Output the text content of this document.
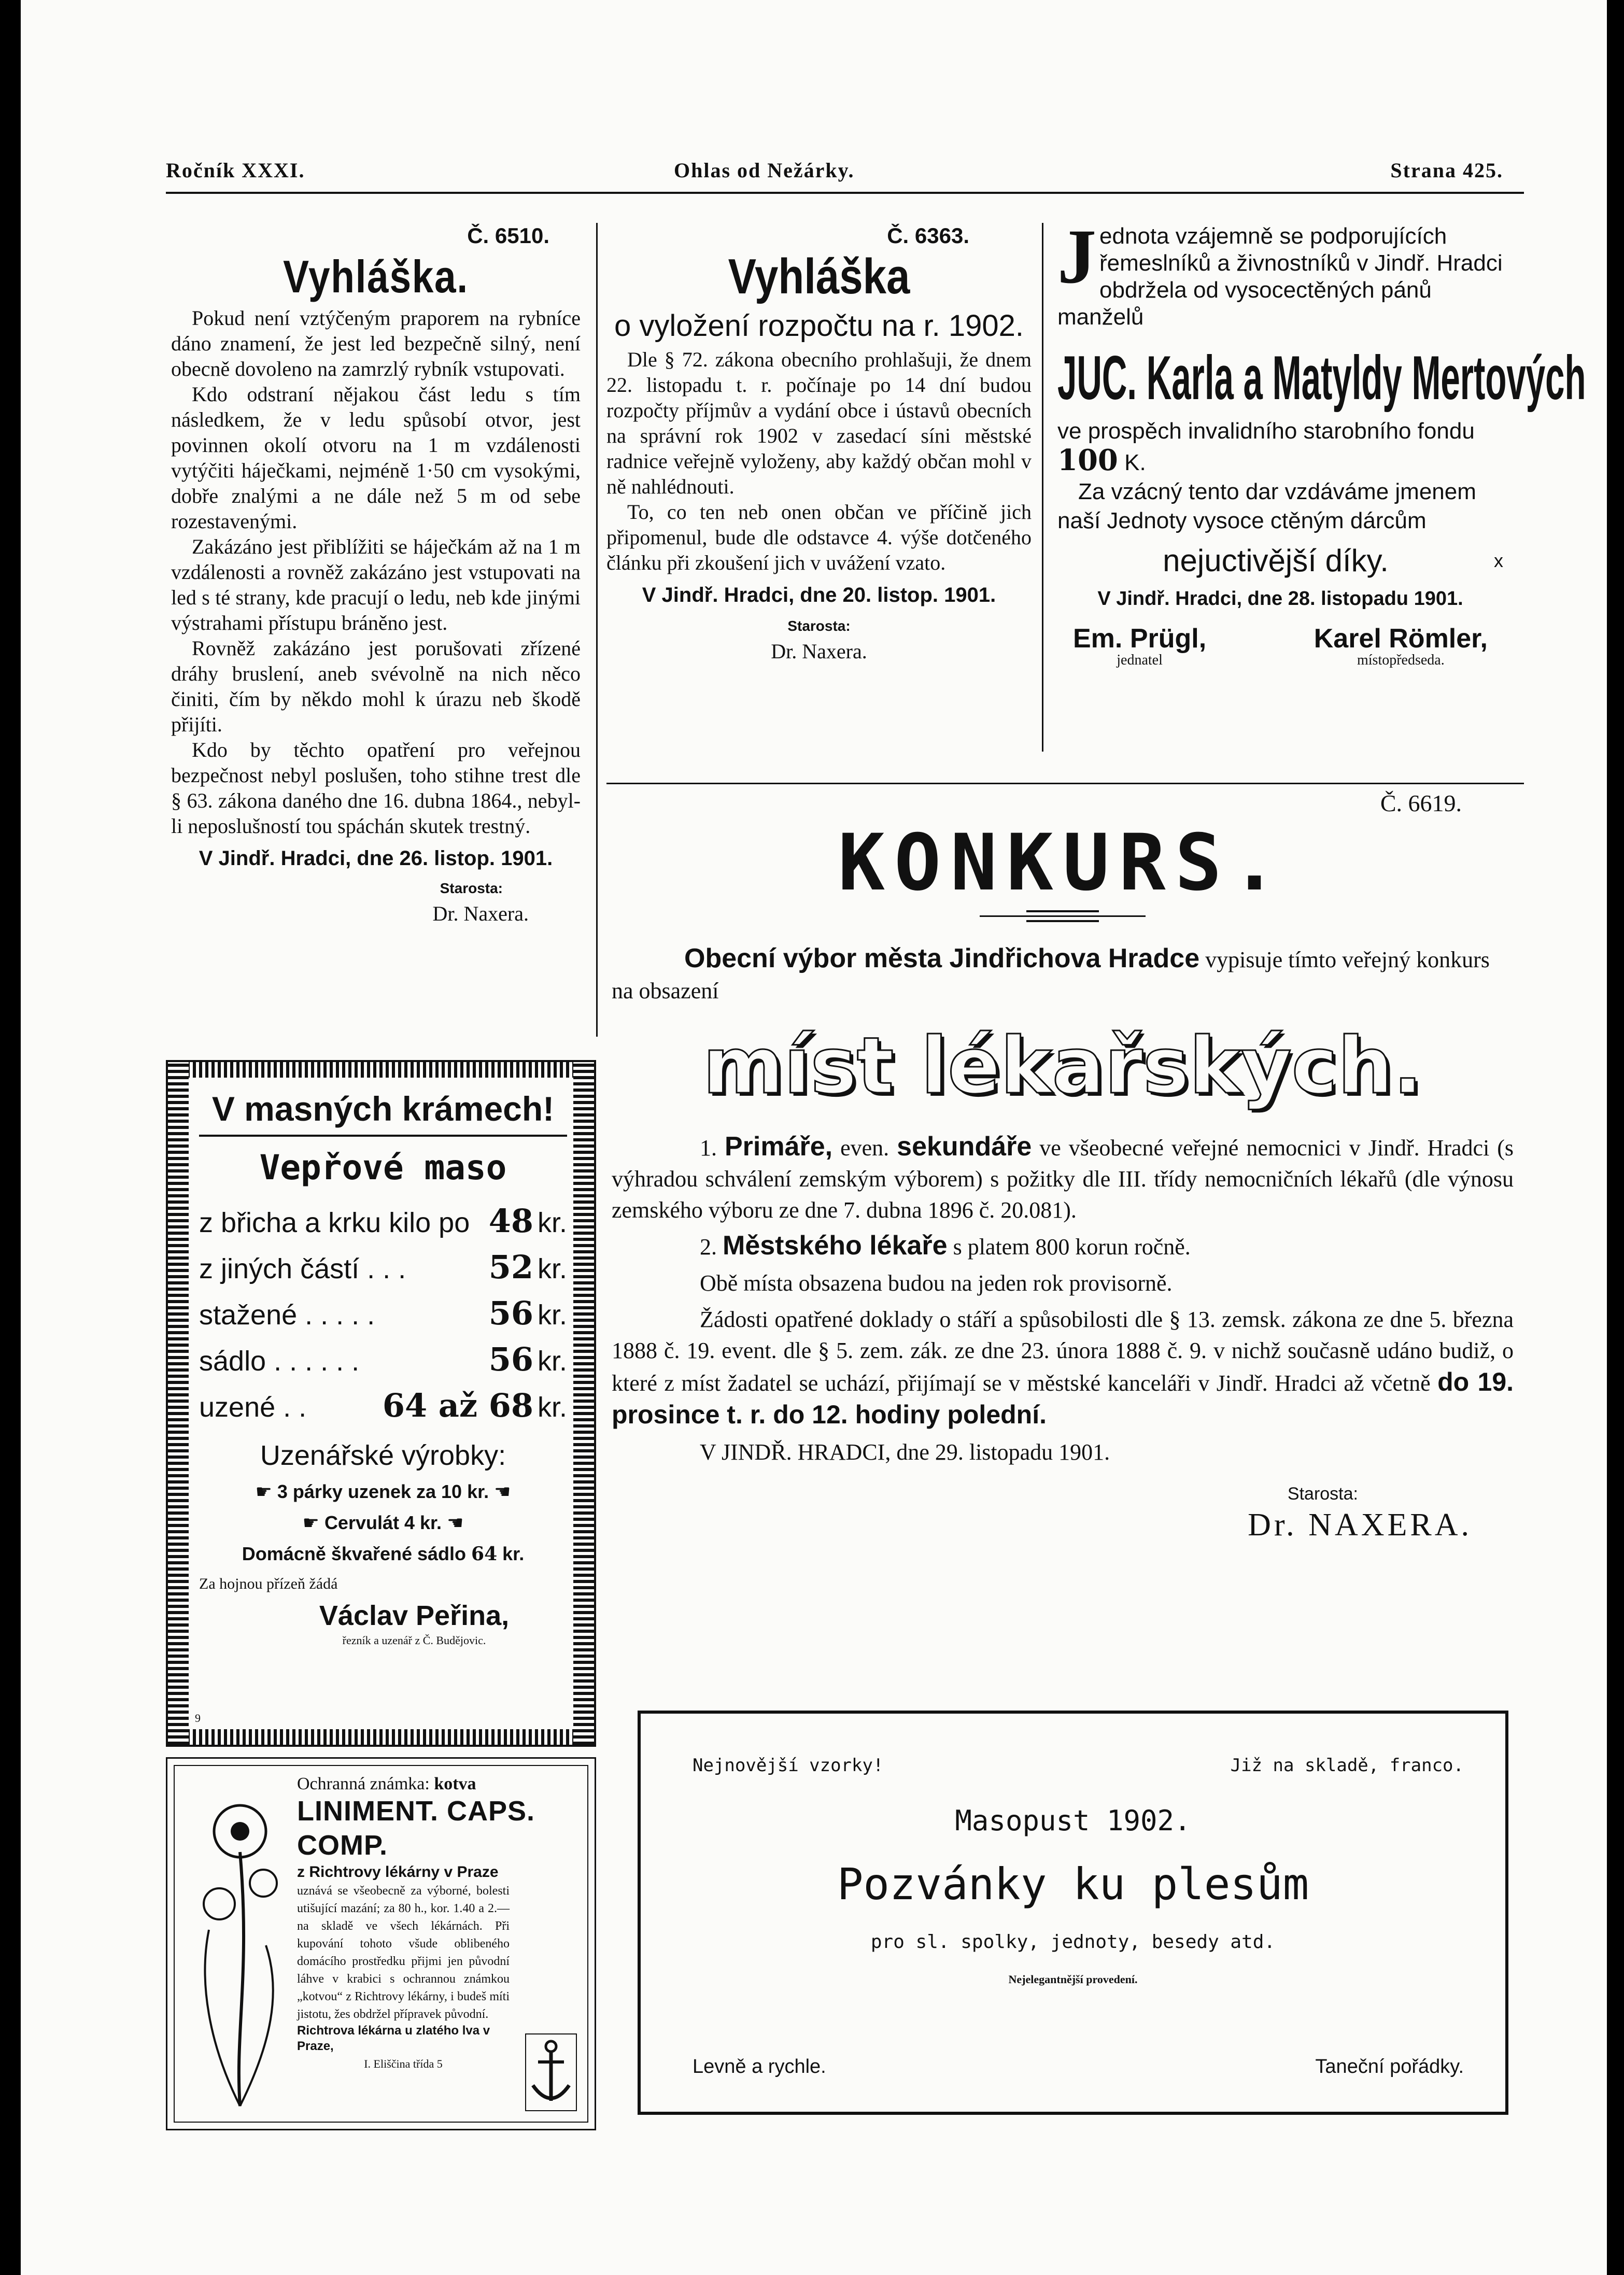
Ročník XXXI.	Ohlas od Nežárky.	Strana 425.
Č. 6510.
Vyhláška.

Pokud není vztýčeným praporem na rybníce dáno znamení, že jest led bezpečně silný, není obecně dovoleno na zamrzlý rybník vstupovati.

Kdo odstraní nějakou část ledu s tím následkem, že v ledu spůsobí otvor, jest povinnen okolí otvoru na 1 m vzdálenosti vytýčiti háječkami, nejméně 1·50 cm vysokými, dobře znalými a ne dále než 5 m od sebe rozestavenými.

Zakázáno jest přiblížiti se háječkám až na 1 m vzdálenosti a rovněž zakázáno jest vstupovati na led s té strany, kde pracují o ledu, neb kde jinými výstrahami přístupu bráněno jest.

Rovněž zakázáno jest porušovati zřízené dráhy bruslení, aneb svévolně na nich něco činiti, čím by někdo mohl k úrazu neb škodě přijíti.

Kdo by těchto opatření pro veřejnou bezpečnost nebyl poslušen, toho stihne trest dle § 63. zákona daného dne 16. dubna 1864., nebyl-li neposlušností tou spáchán skutek trestný.

V Jindř. Hradci, dne 26. listop. 1901.
Starosta:
Dr. Naxera.
Č. 6363.
Vyhláška
o vyložení rozpočtu na r. 1902.

Dle § 72. zákona obecního prohlašuji, že dnem 22. listopadu t. r. počínaje po 14 dní budou rozpočty příjmův a vydání obce i ústavů obecních na správní rok 1902 v zasedací síni městské radnice veřejně vyloženy, aby každý občan mohl v ně nahlédnouti.

To, co ten neb onen občan ve příčině jich připomenul, bude dle odstavce 4. výše dotčeného článku při zkoušení jich v uvážení vzato.

V Jindř. Hradci, dne 20. listop. 1901.
Starosta:
Dr. Naxera.
J ednota vzájemně se podporujících řemeslníků a živnostníků v Jindř. Hradci obdržela od vysocectěných pánů manželů
JUC. Karla a Matyldy Mertových
ve prospěch invalidního starobního fondu 100 K.

Za vzácný tento dar vzdáváme jmenem naší Jednoty vysoce ctěným dárcům

nejuctivější díky.	x
V Jindř. Hradci, dne 28. listopadu 1901.
Em. Prügl,
jednatel
Karel Römler,
místopředseda.
Č. 6619.
KONKURS.

Obecní výbor města Jindřichova Hradce vypisuje tímto veřejný konkurs na obsazení

míst lékařských.

1. Primáře, even. sekundáře ve všeobecné veřejné nemocnici v Jindř. Hradci (s výhradou schválení zemským výborem) s požitky dle III. třídy nemocničních lékařů (dle výnosu zemského výboru ze dne 7. dubna 1896 č. 20.081).

2. Městského lékaře s platem 800 korun ročně.

Obě místa obsazena budou na jeden rok provisorně.

Žádosti opatřené doklady o stáří a spůsobilosti dle § 13. zemsk. zákona ze dne 5. března 1888 č. 19. event. dle § 5. zem. zák. ze dne 23. února 1888 č. 9. v nichž současně udáno budiž, o které z míst žadatel se uchází, přijímají se v městské kanceláři v Jindř. Hradci až včetně do 19. prosince t. r. do 12. hodiny polední.

V JINDŘ. HRADCI, dne 29. listopadu 1901.

Starosta:
Dr. NAXERA.
V masných krámech!
Vepřové maso
z břicha a krku kilo po 48 kr.
z jiných částí . . .	52 kr.
stažené . . . . .	56 kr.
sádlo . . . . . .	56 kr.
uzené . . 64 až 68 kr.
Uzenářské výrobky:
☛ 3 párky uzenek za 10 kr. ☚
☛ Cervulát 4 kr. ☚
Domácně škvařené sádlo 64 kr.
Za hojnou přízeň žádá
Václav Peřina,
řezník a uzenář z Č. Budějovic.
9
Ochranná známka: kotva
LINIMENT. CAPS. COMP.
z Richtrovy lékárny v Praze
uznává se všeobecně za výborné, bolesti utišující mazání; za 80 h., kor. 1.40 a 2.— na skladě ve všech lékárnách. Při kupování tohoto všude oblibeného domácího prostředku přijmi jen původní láhve v krabici s ochrannou známkou „kotvou“ z Richtrovy lékárny, i budeš míti jistotu, žes obdržel přípravek původní.
Richtrova lékárna u zlatého lva v Praze,
I. Eliščina třída 5
Nejnovější vzorky!	Již na skladě, franco.
Masopust 1902.
Pozvánky ku plesům
pro sl. spolky, jednoty, besedy atd.
Nejelegantnější provedení.
Levně a rychle.	Taneční pořádky.
